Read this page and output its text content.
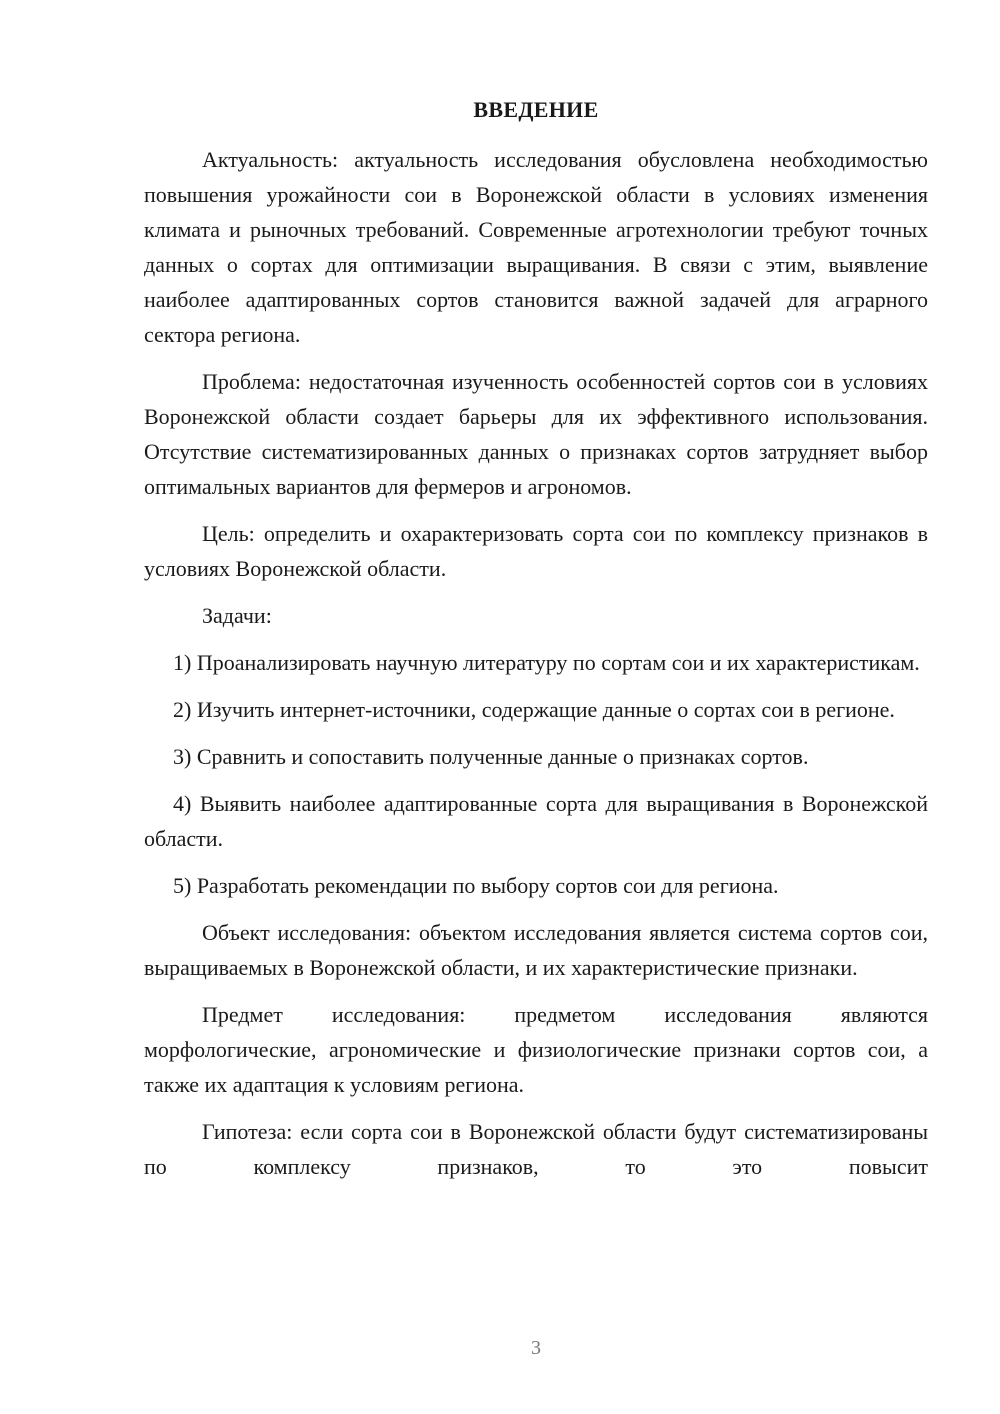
ВВЕДЕНИЕ

Актуальность: актуальность исследования обусловлена необходимостью повышения урожайности сои в Воронежской области в условиях изменения климата и рыночных требований. Современные агротехнологии требуют точных данных о сортах для оптимизации выращивания. В связи с этим, выявление наиболее адаптированных сортов становится важной задачей для аграрного сектора региона.

Проблема: недостаточная изученность особенностей сортов сои в условиях Воронежской области создает барьеры для их эффективного использования. Отсутствие систематизированных данных о признаках сортов затрудняет выбор оптимальных вариантов для фермеров и агрономов.

Цель: определить и охарактеризовать сорта сои по комплексу признаков в условиях Воронежской области.

Задачи:

1) Проанализировать научную литературу по сортам сои и их характеристикам.

2) Изучить интернет-источники, содержащие данные о сортах сои в регионе.

3) Сравнить и сопоставить полученные данные о признаках сортов.

4) Выявить наиболее адаптированные сорта для выращивания в Воронежской области.

5) Разработать рекомендации по выбору сортов сои для региона.

Объект исследования: объектом исследования является система сортов сои, выращиваемых в Воронежской области, и их характеристические признаки.

Предмет исследования: предметом исследования являются морфологические, агрономические и физиологические признаки сортов сои, а также их адаптация к условиям региона.

Гипотеза: если сорта сои в Воронежской области будут систематизированы по комплексу признаков, то это повысит

3
